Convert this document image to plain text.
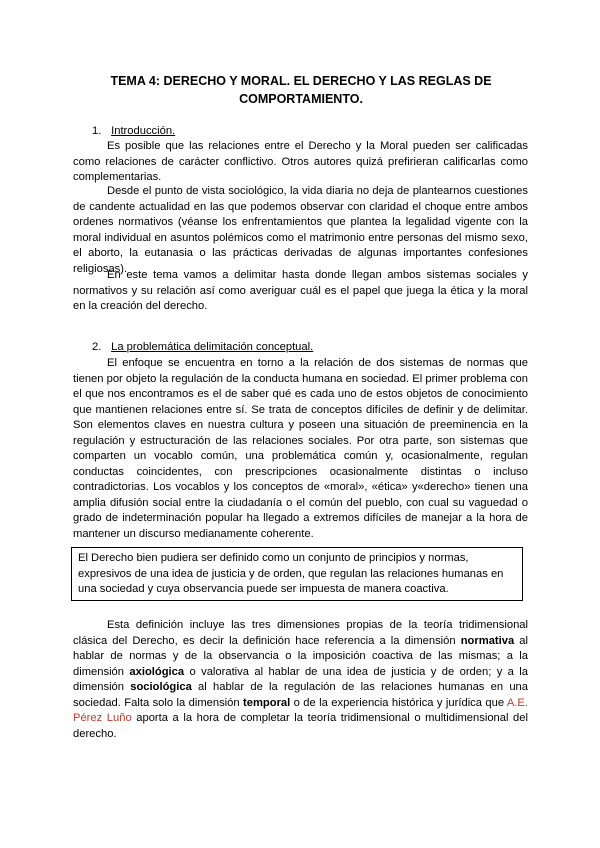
TEMA 4: DERECHO Y MORAL. EL DERECHO Y LAS REGLAS DE COMPORTAMIENTO.
1. Introducción.

Es posible que las relaciones entre el Derecho y la Moral pueden ser calificadas como relaciones de carácter conflictivo. Otros autores quizá prefirieran calificarlas como complementarias.

Desde el punto de vista sociológico, la vida diaria no deja de plantearnos cuestiones de candente actualidad en las que podemos observar con claridad el choque entre ambos ordenes normativos (véanse los enfrentamientos que plantea la legalidad vigente con la moral individual en asuntos polémicos como el matrimonio entre personas del mismo sexo, el aborto, la eutanasia o las prácticas derivadas de algunas importantes confesiones religiosas).

En este tema vamos a delimitar hasta donde llegan ambos sistemas sociales y normativos y su relación así como averiguar cuál es el papel que juega la ética y la moral en la creación del derecho.

2. La problemática delimitación conceptual.

El enfoque se encuentra en torno a la relación de dos sistemas de normas que tienen por objeto la regulación de la conducta humana en sociedad. El primer problema con el que nos encontramos es el de saber qué es cada uno de estos objetos de conocimiento que mantienen relaciones entre sí. Se trata de conceptos difíciles de definir y de delimitar. Son elementos claves en nuestra cultura y poseen una situación de preeminencia en la regulación y estructuración de las relaciones sociales. Por otra parte, son sistemas que comparten un vocablo común, una problemática común y, ocasionalmente, regulan conductas coincidentes, con prescripciones ocasionalmente distintas o incluso contradictorias. Los vocablos y los conceptos de «moral», «ética» y«derecho» tienen una amplia difusión social entre la ciudadanía o el común del pueblo, con cual su vaguedad o grado de indeterminación popular ha llegado a extremos difíciles de manejar a la hora de mantener un discurso medianamente coherente.

El Derecho bien pudiera ser definido como un conjunto de principios y normas, expresivos de una idea de justicia y de orden, que regulan las relaciones humanas en una sociedad y cuya observancia puede ser impuesta de manera coactiva.

Esta definición incluye las tres dimensiones propias de la teoría tridimensional clásica del Derecho, es decir la definición hace referencia a la dimensión normativa al hablar de normas y de la observancia o la imposición coactiva de las mismas; a la dimensión axiológica o valorativa al hablar de una idea de justicia y de orden; y a la dimensión sociológica al hablar de la regulación de las relaciones humanas en una sociedad. Falta solo la dimensión temporal o de la experiencia histórica y jurídica que A.E. Pérez Luño aporta a la hora de completar la teoría tridimensional o multidimensional del derecho.
